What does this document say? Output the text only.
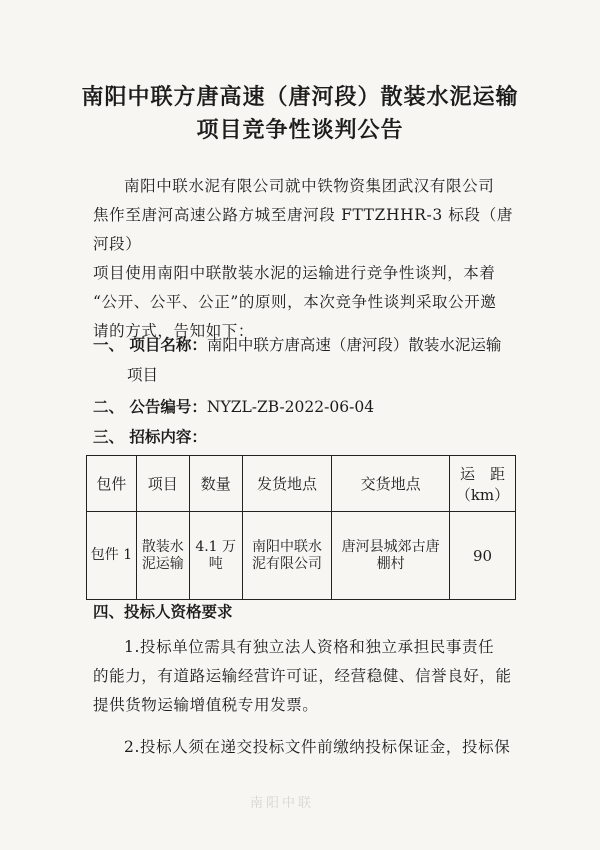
南阳中联方唐高速（唐河段）散装水泥运输
项目竞争性谈判公告
南阳中联水泥有限公司就中铁物资集团武汉有限公司
焦作至唐河高速公路方城至唐河段 FTTZHHR-3 标段（唐河段）
项目使用南阳中联散装水泥的运输进行竞争性谈判，本着
“公开、公平、公正”的原则，本次竞争性谈判采取公开邀
请的方式，告知如下：
一、 项目名称：南阳中联方唐高速（唐河段）散装水泥运输
项目
二、 公告编号：NYZL-ZB-2022-06-04
三、 招标内容：
包件	项目	数量	发货地点	交货地点	运　距
（km）

包件 1	散装水泥运输	4.1 万吨	南阳中联水泥有限公司	唐河县城郊古唐棚村	90
四、投标人资格要求
1.投标单位需具有独立法人资格和独立承担民事责任
的能力，有道路运输经营许可证，经营稳健、信誉良好，能
提供货物运输增值税专用发票。
2.投标人须在递交投标文件前缴纳投标保证金，投标保
南阳中联
